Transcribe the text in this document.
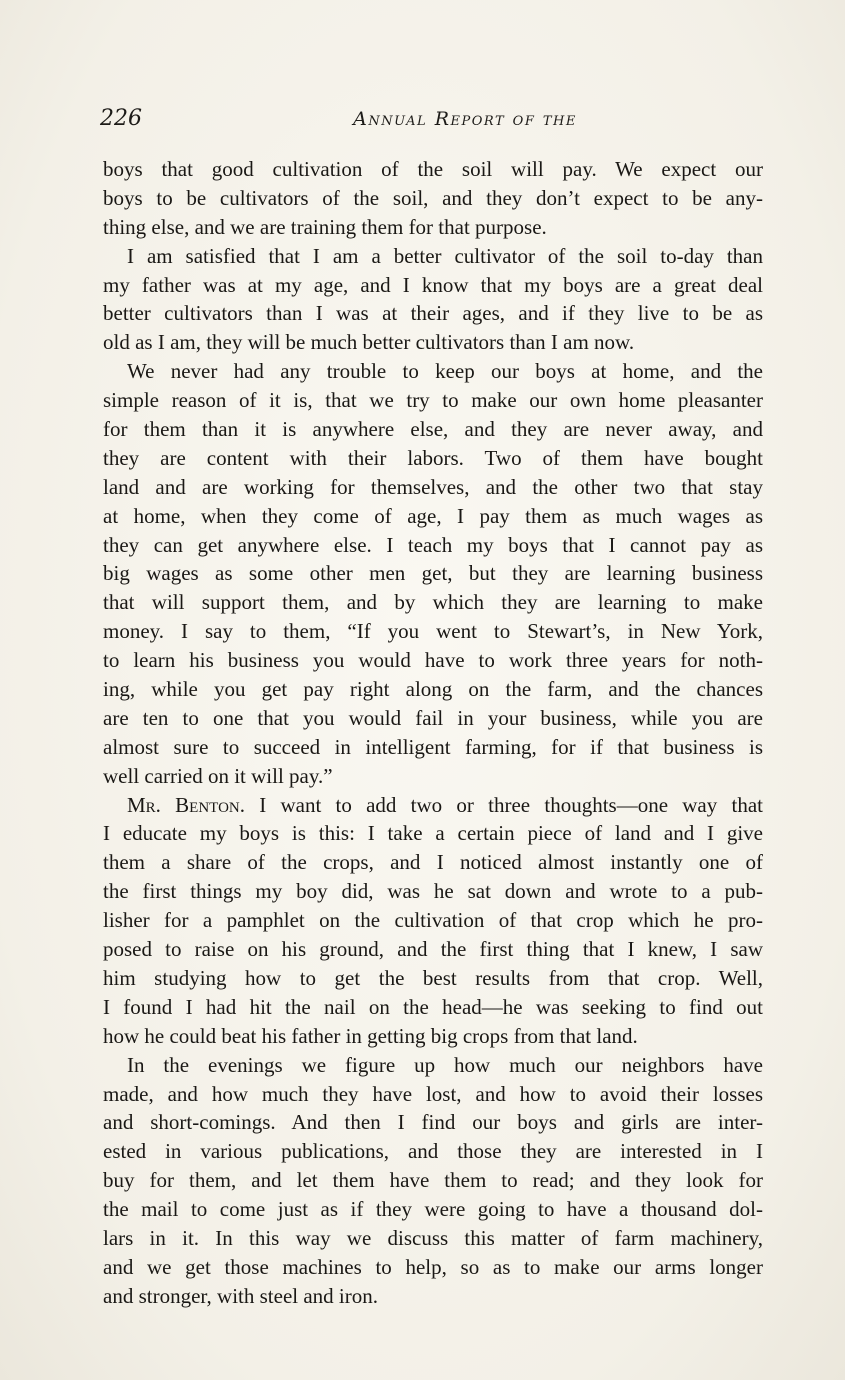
226	Annual Report of the
boys that good cultivation of the soil will pay. We expect our
boys to be cultivators of the soil, and they don’t expect to be any-
thing else, and we are training them for that purpose.
I am satisfied that I am a better cultivator of the soil to-day than
my father was at my age, and I know that my boys are a great deal
better cultivators than I was at their ages, and if they live to be as
old as I am, they will be much better cultivators than I am now.
We never had any trouble to keep our boys at home, and the
simple reason of it is, that we try to make our own home pleasanter
for them than it is anywhere else, and they are never away, and
they are content with their labors. Two of them have bought
land and are working for themselves, and the other two that stay
at home, when they come of age, I pay them as much wages as
they can get anywhere else. I teach my boys that I cannot pay as
big wages as some other men get, but they are learning business
that will support them, and by which they are learning to make
money. I say to them, “If you went to Stewart’s, in New York,
to learn his business you would have to work three years for noth-
ing, while you get pay right along on the farm, and the chances
are ten to one that you would fail in your business, while you are
almost sure to succeed in intelligent farming, for if that business is
well carried on it will pay.”
Mr. Benton. I want to add two or three thoughts—one way that
I educate my boys is this: I take a certain piece of land and I give
them a share of the crops, and I noticed almost instantly one of
the first things my boy did, was he sat down and wrote to a pub-
lisher for a pamphlet on the cultivation of that crop which he pro-
posed to raise on his ground, and the first thing that I knew, I saw
him studying how to get the best results from that crop. Well,
I found I had hit the nail on the head—he was seeking to find out
how he could beat his father in getting big crops from that land.
In the evenings we figure up how much our neighbors have
made, and how much they have lost, and how to avoid their losses
and short-comings. And then I find our boys and girls are inter-
ested in various publications, and those they are interested in I
buy for them, and let them have them to read; and they look for
the mail to come just as if they were going to have a thousand dol-
lars in it. In this way we discuss this matter of farm machinery,
and we get those machines to help, so as to make our arms longer
and stronger, with steel and iron.
